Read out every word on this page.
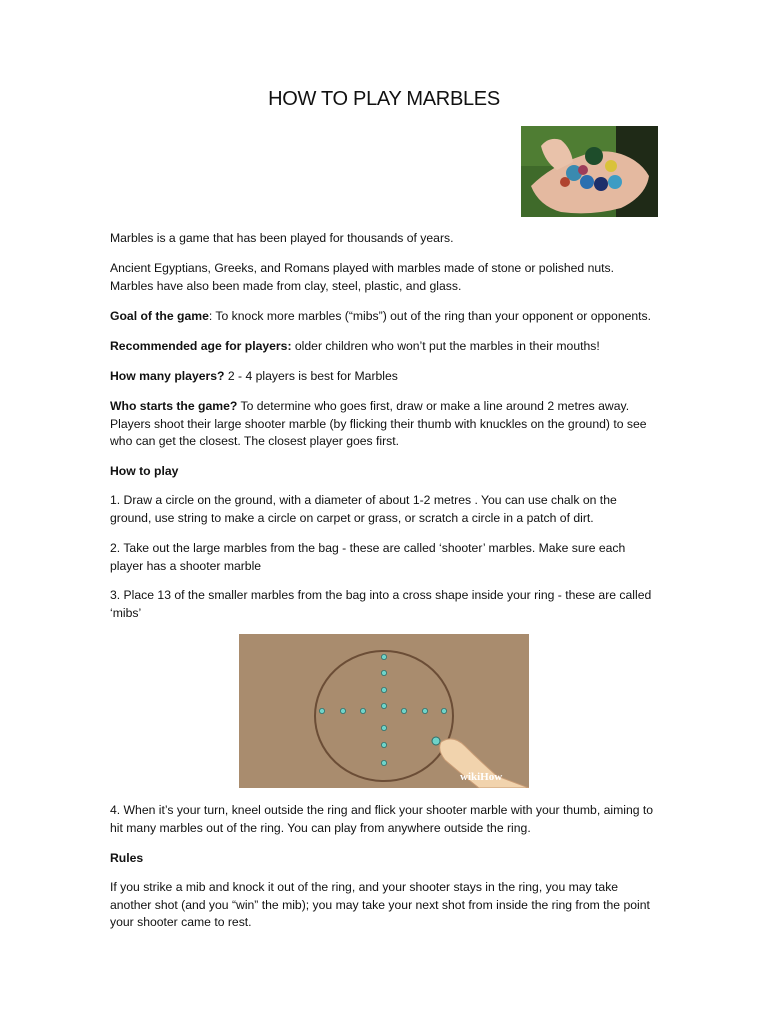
HOW TO PLAY MARBLES

Marbles is a game that has been played for thousands of years.

Ancient Egyptians, Greeks, and Romans played with marbles made of stone or polished nuts. Marbles have also been made from clay, steel, plastic, and glass.

Goal of the game: To knock more marbles (“mibs”) out of the ring than your opponent or opponents.

Recommended age for players: older children who won’t put the marbles in their mouths!

How many players? 2 - 4 players is best for Marbles

Who starts the game? To determine who goes first, draw or make a line around 2 metres away. Players shoot their large shooter marble (by flicking their thumb with knuckles on the ground) to see who can get the closest. The closest player goes first.

How to play

1. Draw a circle on the ground, with a diameter of about 1-2 metres . You can use chalk on the ground, use string to make a circle on carpet or grass, or scratch a circle in a patch of dirt.

2. Take out the large marbles from the bag - these are called ‘shooter’ marbles. Make sure each player has a shooter marble

3. Place 13 of the smaller marbles from the bag into a cross shape inside your ring - these are called ‘mibs’

wikiHow

4. When it’s your turn, kneel outside the ring and flick your shooter marble with your thumb, aiming to hit many marbles out of the ring. You can play from anywhere outside the ring.

Rules

If you strike a mib and knock it out of the ring, and your shooter stays in the ring, you may take another shot (and you “win” the mib); you may take your next shot from inside the ring from the point your shooter came to rest.
